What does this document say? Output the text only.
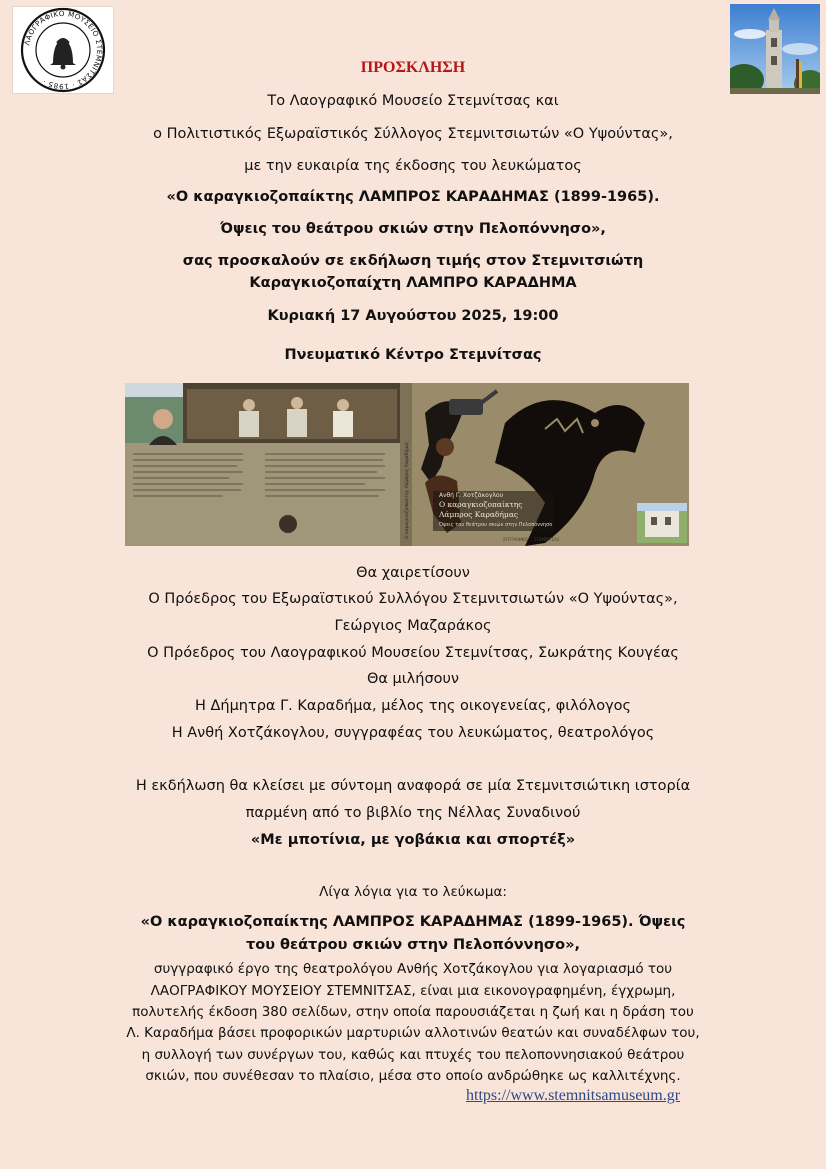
ΛΑΟΓΡΑΦΙΚΟ ΜΟΥΣΕΙΟ ΣΤΕΜΝΙΤΣΑΣ · 1985 ·
ΠΡΟΣΚΛΗΣΗ
Το Λαογραφικό Μουσείο Στεμνίτσας και
ο Πολιτιστικός Εξωραϊστικός Σύλλογος Στεμνιτσιωτών «Ο Υψούντας»,
με την ευκαιρία της έκδοσης του λευκώματος
«Ο καραγκιοζοπαίκτης ΛΑΜΠΡΟΣ ΚΑΡΑΔΗΜΑΣ (1899-1965).
Όψεις του θεάτρου σκιών στην Πελοπόννησο»,
σας προσκαλούν σε εκδήλωση τιμής στον Στεμνιτσιώτη
Καραγκιοζοπαίχτη ΛΑΜΠΡΟ ΚΑΡΑΔΗΜΑ
Κυριακή 17 Αυγούστου 2025, 19:00
Πνευματικό Κέντρο Στεμνίτσας
Ανθή Γ. Χοτζάκογλου
Ο καραγκιοζοπαίκτης
Λάμπρος Καραδήμας
Όψεις του θεάτρου σκιών στην Πελοπόννησο
ΣΥΓΓΡΑΦΙΚΟ ... ΣΤΕΜΝΙΤΣΑΣ
Ο καραγκιοζοπαίκτης Λάμπρος Καραδήμας
Θα χαιρετίσουν
Ο Πρόεδρος του Εξωραϊστικού Συλλόγου Στεμνιτσιωτών «Ο Υψούντας»,
Γεώργιος Μαζαράκος
Ο Πρόεδρος του Λαογραφικού Μουσείου Στεμνίτσας, Σωκράτης Κουγέας
Θα μιλήσουν
Η Δήμητρα Γ. Καραδήμα, μέλος της οικογενείας, φιλόλογος
Η Ανθή Χοτζάκογλου, συγγραφέας του λευκώματος, θεατρολόγος
Η εκδήλωση θα κλείσει με σύντομη αναφορά σε μία Στεμνιτσιώτικη ιστορία
παρμένη από το βιβλίο της Νέλλας Συναδινού
«Με μποτίνια, με γοβάκια και σπορτέξ»
Λίγα λόγια για το λεύκωμα:
«Ο καραγκιοζοπαίκτης ΛΑΜΠΡΟΣ ΚΑΡΑΔΗΜΑΣ (1899-1965). Όψεις
του θεάτρου σκιών στην Πελοπόννησο»,
συγγραφικό έργο της θεατρολόγου Ανθής Χοτζάκογλου για λογαριασμό του
ΛΑΟΓΡΑΦΙΚΟΥ ΜΟΥΣΕΙΟΥ ΣΤΕΜΝΙΤΣΑΣ, είναι μια εικονογραφημένη, έγχρωμη,
πολυτελής έκδοση 380 σελίδων, στην οποία παρουσιάζεται η ζωή και η δράση του
Λ. Καραδήμα βάσει προφορικών μαρτυριών αλλοτινών θεατών και συναδέλφων του,
η συλλογή των συνέργων του, καθώς και πτυχές του πελοποννησιακού θεάτρου
σκιών, που συνέθεσαν το πλαίσιο, μέσα στο οποίο ανδρώθηκε ως καλλιτέχνης.
https://www.stemnitsamuseum.gr
